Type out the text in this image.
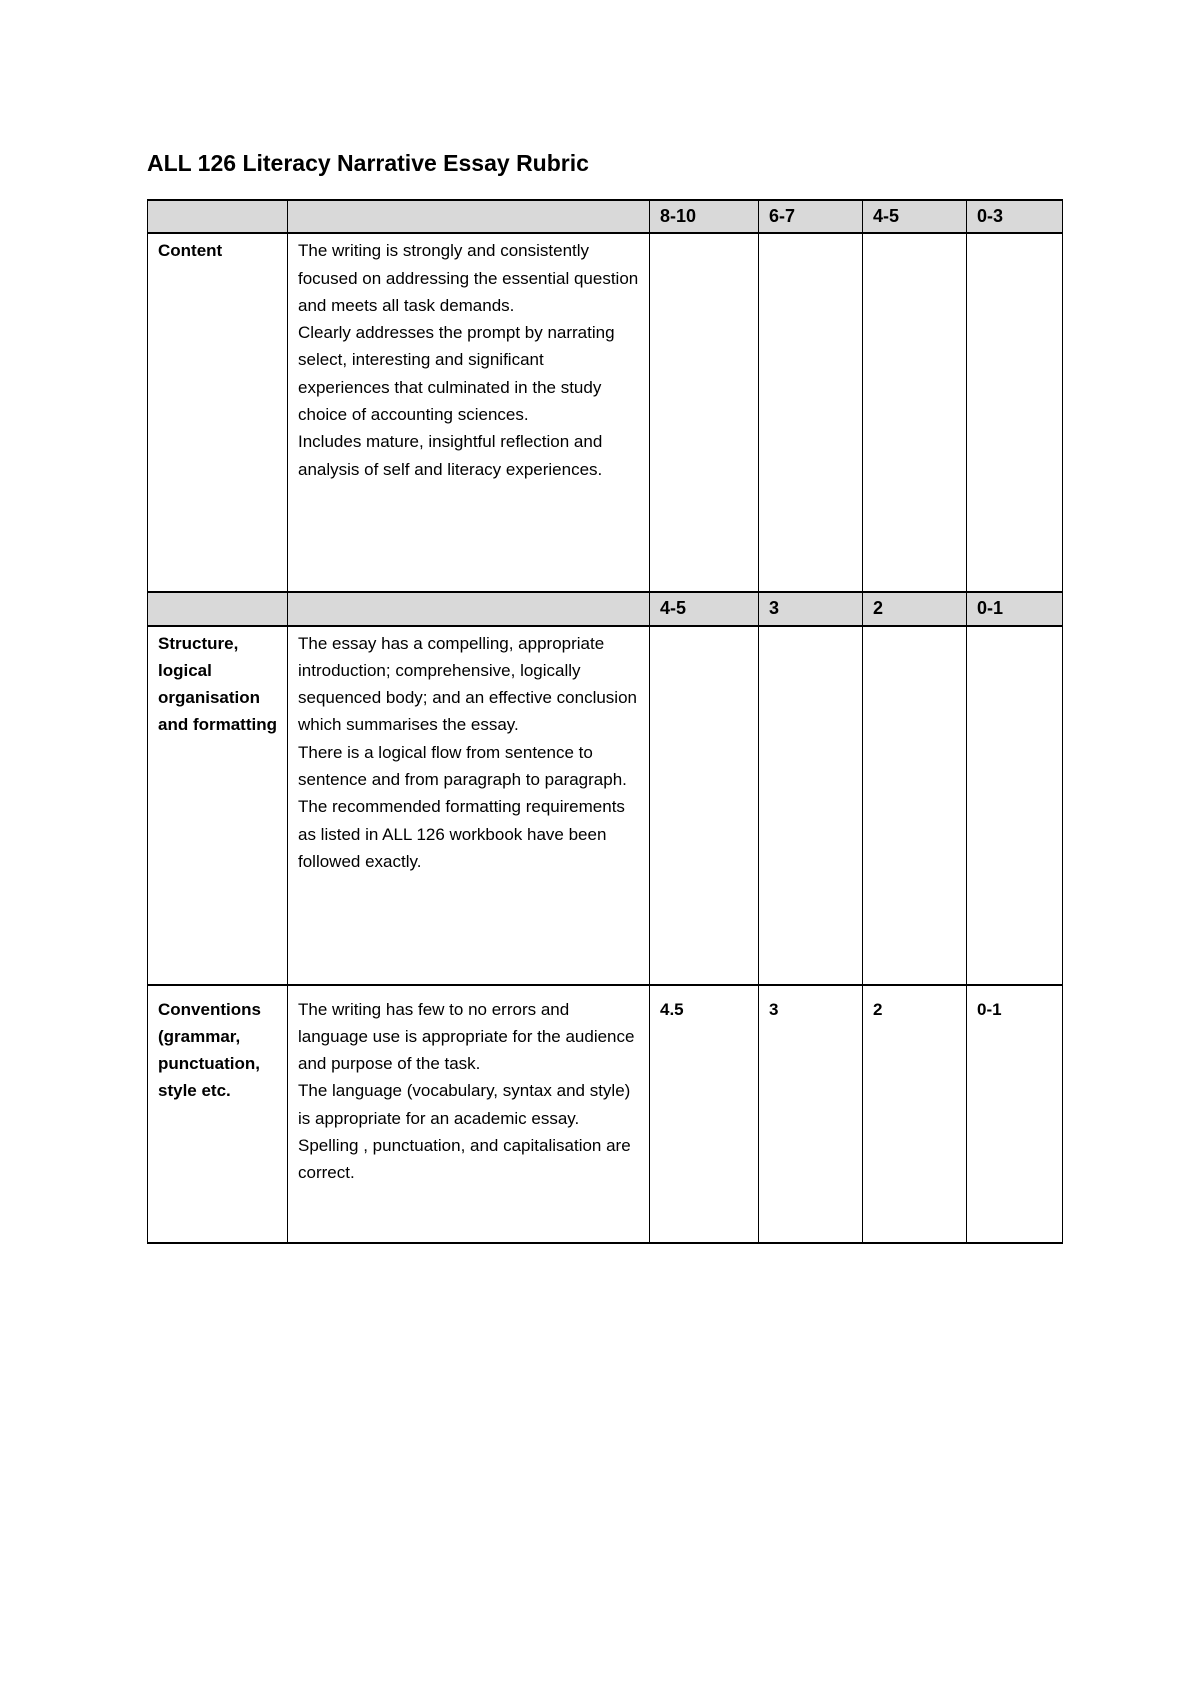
ALL 126 Literacy Narrative Essay Rubric
		8-10	6-7	4-5	0-3
Content	The writing is strongly and consistently focused on addressing the essential question and meets all task demands.
Clearly addresses the prompt by narrating select, interesting and significant experiences that culminated in the study choice of accounting sciences.
Includes mature, insightful reflection and analysis of self and literacy experiences.				

		4-5	3	2	0-1
Structure, logical organisation and formatting	The essay has a compelling, appropriate introduction; comprehensive, logically sequenced body; and an effective conclusion which summarises the essay.
There is a logical flow from sentence to sentence and from paragraph to paragraph.
The recommended formatting requirements as listed in ALL 126 workbook have been followed exactly.				

Conventions (grammar, punctuation, style etc.	The writing has few to no errors and language use is appropriate for the audience and purpose of the task.
The language (vocabulary, syntax and style) is appropriate for an academic essay.
Spelling , punctuation, and capitalisation are correct.	4.5	3	2	0-1
